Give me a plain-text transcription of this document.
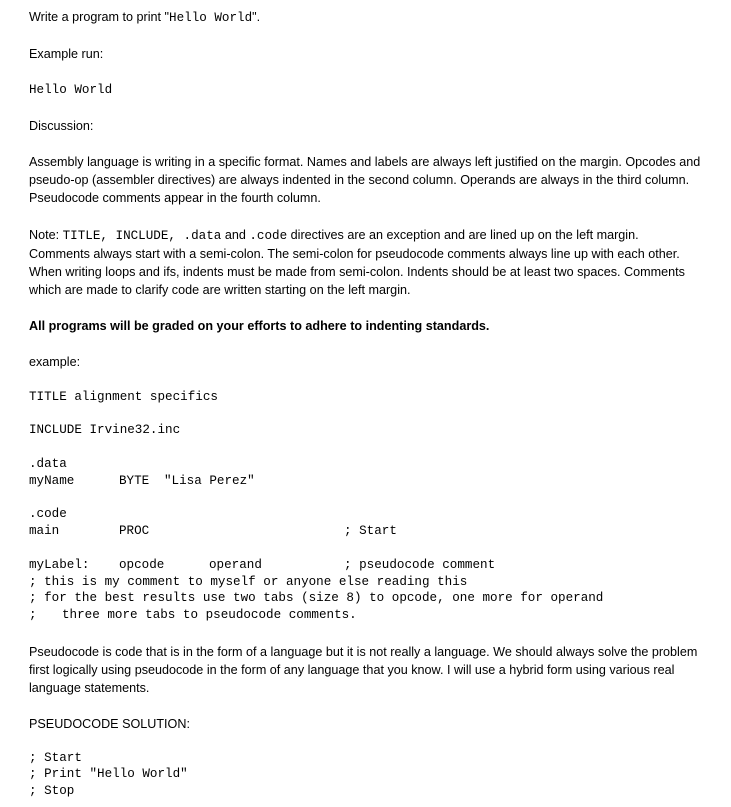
Write a program to print "Hello World".
Example run:
Hello World
Discussion:
Assembly language is writing in a specific format. Names and labels are always left justified on the margin. Opcodes and
pseudo-op (assembler directives) are always indented in the second column. Operands are always in the third column.
Pseudocode comments appear in the fourth column.
Note: TITLE, INCLUDE, .data and .code directives are an exception and are lined up on the left margin.
Comments always start with a semi-colon. The semi-colon for pseudocode comments always line up with each other.
When writing loops and ifs, indents must be made from semi-colon. Indents should be at least two spaces. Comments
which are made to clarify code are written starting on the left margin.
All programs will be graded on your efforts to adhere to indenting standards.
example:
TITLE alignment specifics
INCLUDE Irvine32.inc
.data
myName	BYTE "Lisa Perez"
.code
main	PROC	; Start
myLabel: opcode	operand	; pseudocode comment
; this is my comment to myself or anyone else reading this
; for the best results use two tabs (size 8) to opcode, one more for operand
; three more tabs to pseudocode comments.
Pseudocode is code that is in the form of a language but it is not really a language. We should always solve the problem
first logically using pseudocode in the form of any language that you know. I will use a hybrid form using various real
language statements.
PSEUDOCODE SOLUTION:
; Start
; Print "Hello World"
; Stop
